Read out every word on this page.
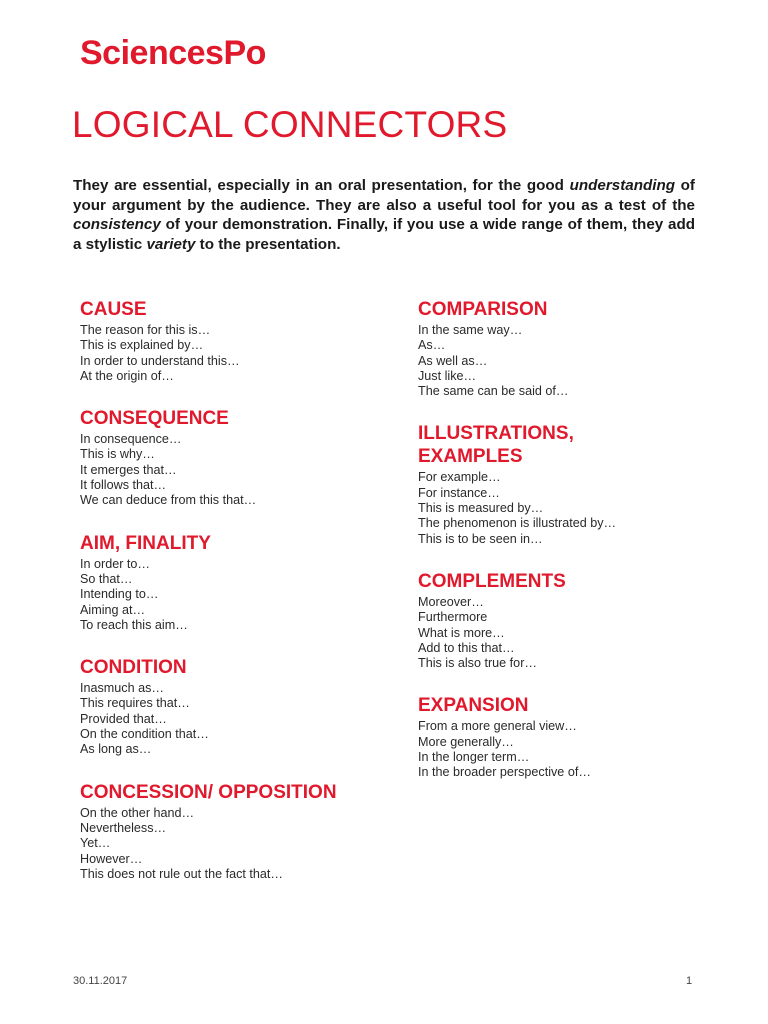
SciencesPo
LOGICAL CONNECTORS

They are essential, especially in an oral presentation, for the good understanding of your argument by the audience. They are also a useful tool for you as a test of the consistency of your demonstration. Finally, if you use a wide range of them, they add a stylistic variety to the presentation.

CAUSE
The reason for this is…
This is explained by…
In order to understand this…
At the origin of…
CONSEQUENCE
In consequence…
This is why…
It emerges that…
It follows that…
We can deduce from this that…
AIM, FINALITY
In order to…
So that…
Intending to…
Aiming at…
To reach this aim…
CONDITION
Inasmuch as…
This requires that…
Provided that…
On the condition that…
As long as…
CONCESSION/ OPPOSITION
On the other hand…
Nevertheless…
Yet…
However…
This does not rule out the fact that…
COMPARISON
In the same way…
As…
As well as…
Just like…
The same can be said of…
ILLUSTRATIONS, EXAMPLES
For example…
For instance…
This is measured by…
The phenomenon is illustrated by…
This is to be seen in…
COMPLEMENTS
Moreover…
Furthermore
What is more…
Add to this that…
This is also true for…
EXPANSION
From a more general view…
More generally…
In the longer term…
In the broader perspective of…
30.11.2017	1
